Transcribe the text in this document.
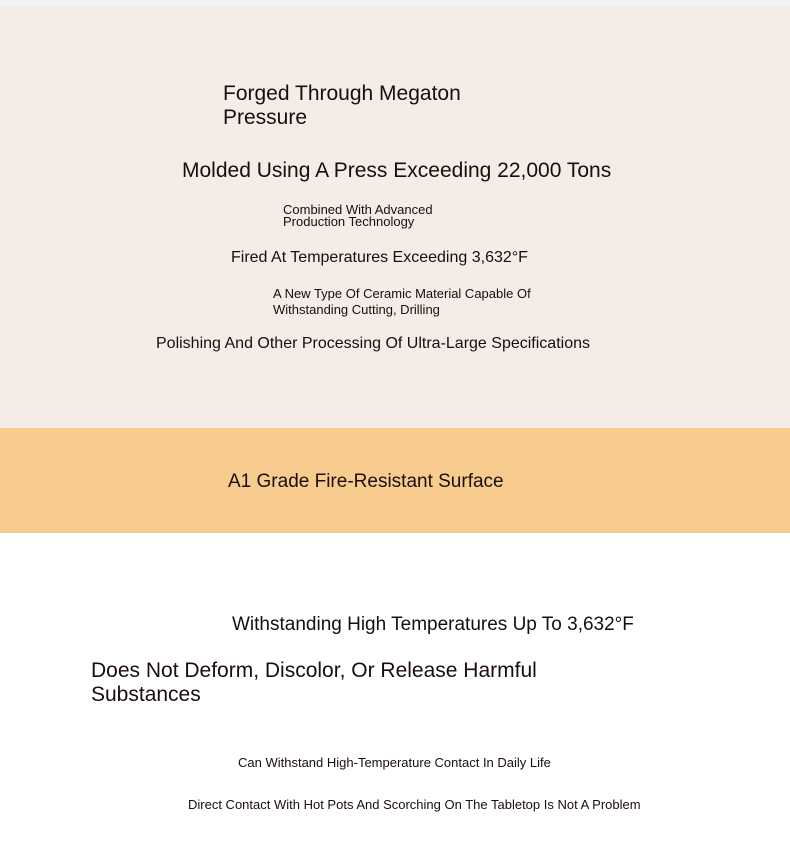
Forged Through Megaton Pressure
Molded Using A Press Exceeding 22,000 Tons

Combined With Advanced Production Technology

Fired At Temperatures Exceeding 3,632°F

A New Type Of Ceramic Material Capable Of Withstanding Cutting, Drilling

Polishing And Other Processing Of Ultra-Large Specifications

A1 Grade Fire-Resistant Surface
Withstanding High Temperatures Up To 3,632°F
Does Not Deform, Discolor, Or Release Harmful Substances

Can Withstand High-Temperature Contact In Daily Life

Direct Contact With Hot Pots And Scorching On The Tabletop Is Not A Problem
